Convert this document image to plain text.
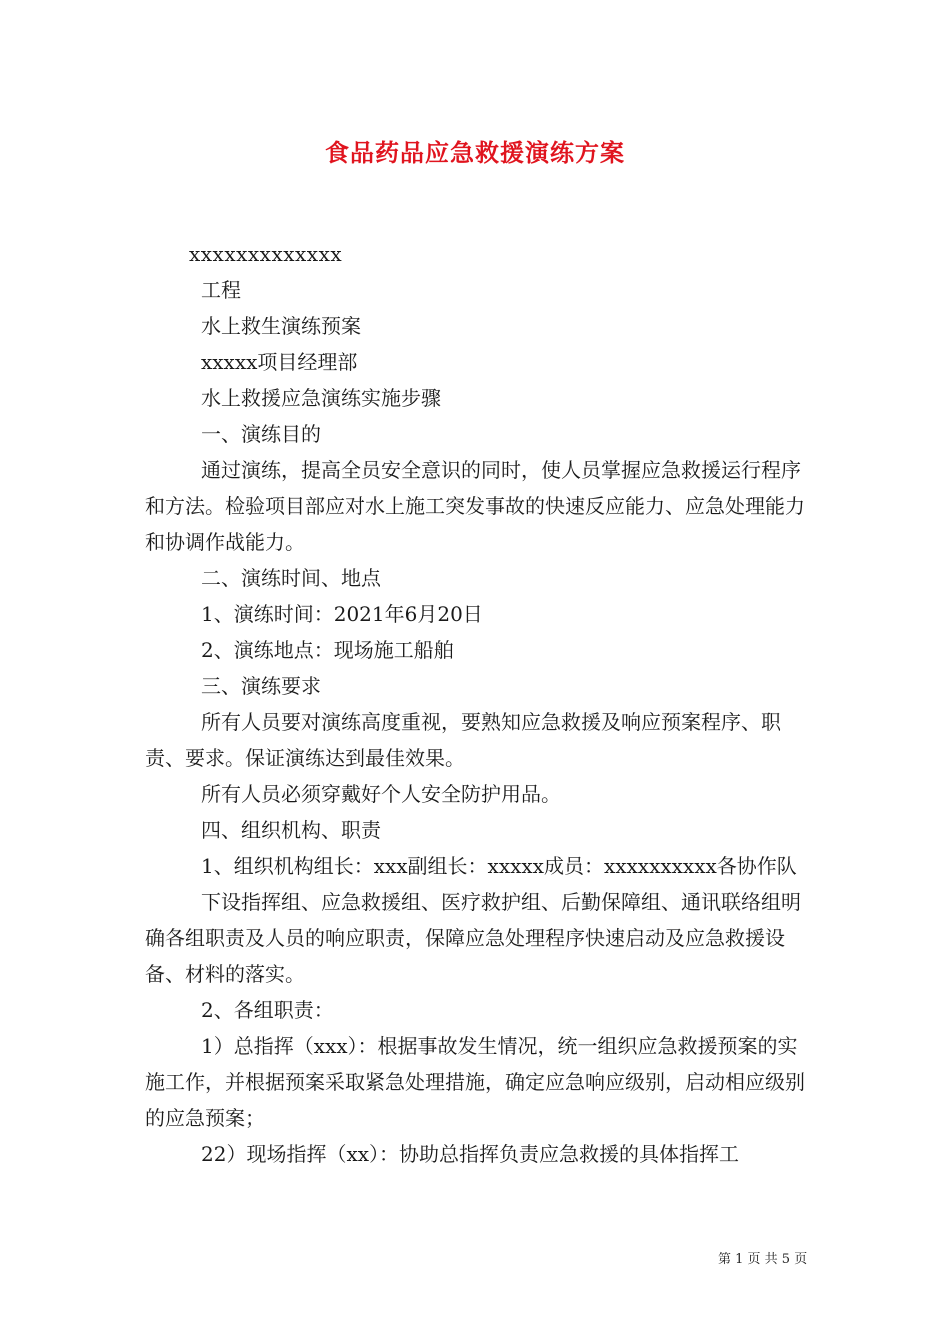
食品药品应急救援演练方案

xxxxxxxxxxxxx

工程

水上救生演练预案

xxxxx项目经理部

水上救援应急演练实施步骤

一、演练目的

通过演练，提高全员安全意识的同时，使人员掌握应急救援运行程序和方法。检验项目部应对水上施工突发事故的快速反应能力、应急处理能力和协调作战能力。

二、演练时间、地点

1、演练时间：2021年6月20日

2、演练地点：现场施工船舶

三、演练要求

所有人员要对演练高度重视，要熟知应急救援及响应预案程序、职责、要求。保证演练达到最佳效果。

所有人员必须穿戴好个人安全防护用品。

四、组织机构、职责

1、组织机构组长：xxx副组长：xxxxx成员：xxxxxxxxxx各协作队

下设指挥组、应急救援组、医疗救护组、后勤保障组、通讯联络组明确各组职责及人员的响应职责，保障应急处理程序快速启动及应急救援设备、材料的落实。

2、各组职责：

1）总指挥（xxx）：根据事故发生情况，统一组织应急救援预案的实施工作，并根据预案采取紧急处理措施，确定应急响应级别，启动相应级别的应急预案；

22）现场指挥（xx）：协助总指挥负责应急救援的具体指挥工

第 1 页 共 5 页
